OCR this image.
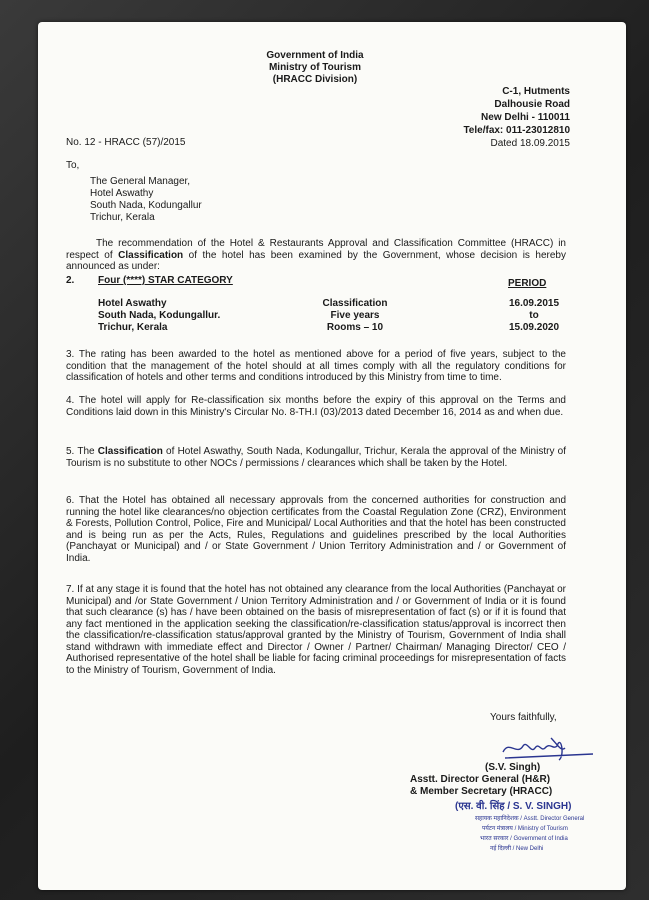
Government of India
Ministry of Tourism
(HRACC Division)
C-1, Hutments
Dalhousie Road
New Delhi - 110011
Tele/fax: 011-23012810
Dated 18.09.2015
No. 12 - HRACC (57)/2015
To,
The General Manager,
Hotel Aswathy
South Nada, Kodungallur
Trichur, Kerala
The recommendation of the Hotel & Restaurants Approval and Classification Committee (HRACC) in respect of Classification of the hotel has been examined by the Government, whose decision is hereby announced as under:
2. Four (****) STAR CATEGORY	PERIOD
Hotel Aswathy
South Nada, Kodungallur.
Trichur, Kerala
Classification
Five years
Rooms – 10
16.09.2015
to
15.09.2020
3. The rating has been awarded to the hotel as mentioned above for a period of five years, subject to the condition that the management of the hotel should at all times comply with all the regulatory conditions for classification of hotels and other terms and conditions introduced by this Ministry from time to time.
4. The hotel will apply for Re-classification six months before the expiry of this approval on the Terms and Conditions laid down in this Ministry's Circular No. 8-TH.I (03)/2013 dated December 16, 2014 as and when due.
5. The Classification of Hotel Aswathy, South Nada, Kodungallur, Trichur, Kerala the approval of the Ministry of Tourism is no substitute to other NOCs / permissions / clearances which shall be taken by the Hotel.
6. That the Hotel has obtained all necessary approvals from the concerned authorities for construction and running the hotel like clearances/no objection certificates from the Coastal Regulation Zone (CRZ), Environment & Forests, Pollution Control, Police, Fire and Municipal/ Local Authorities and that the hotel has been constructed and is being run as per the Acts, Rules, Regulations and guidelines prescribed by the local Authorities (Panchayat or Municipal) and / or State Government / Union Territory Administration and / or Government of India.
7. If at any stage it is found that the hotel has not obtained any clearance from the local Authorities (Panchayat or Municipal) and /or State Government / Union Territory Administration and / or Government of India or it is found that such clearance (s) has / have been obtained on the basis of misrepresentation of fact (s) or if it is found that any fact mentioned in the application seeking the classification/re-classification status/approval is incorrect then the classification/re-classification status/approval granted by the Ministry of Tourism, Government of India shall stand withdrawn with immediate effect and Director / Owner / Partner/ Chairman/ Managing Director/ CEO / Authorised representative of the hotel shall be liable for facing criminal proceedings for misrepresentation of facts to the Ministry of Tourism, Government of India.
Yours faithfully,
(S.V. Singh)
Asstt. Director General (H&R)
& Member Secretary (HRACC)
(एस. वी. सिंह / S. V. SINGH)
सहायक महानिदेशक / Asstt. Director General
पर्यटन मंत्रालय / Ministry of Tourism
भारत सरकार / Government of India
नई दिल्ली / New Delhi
